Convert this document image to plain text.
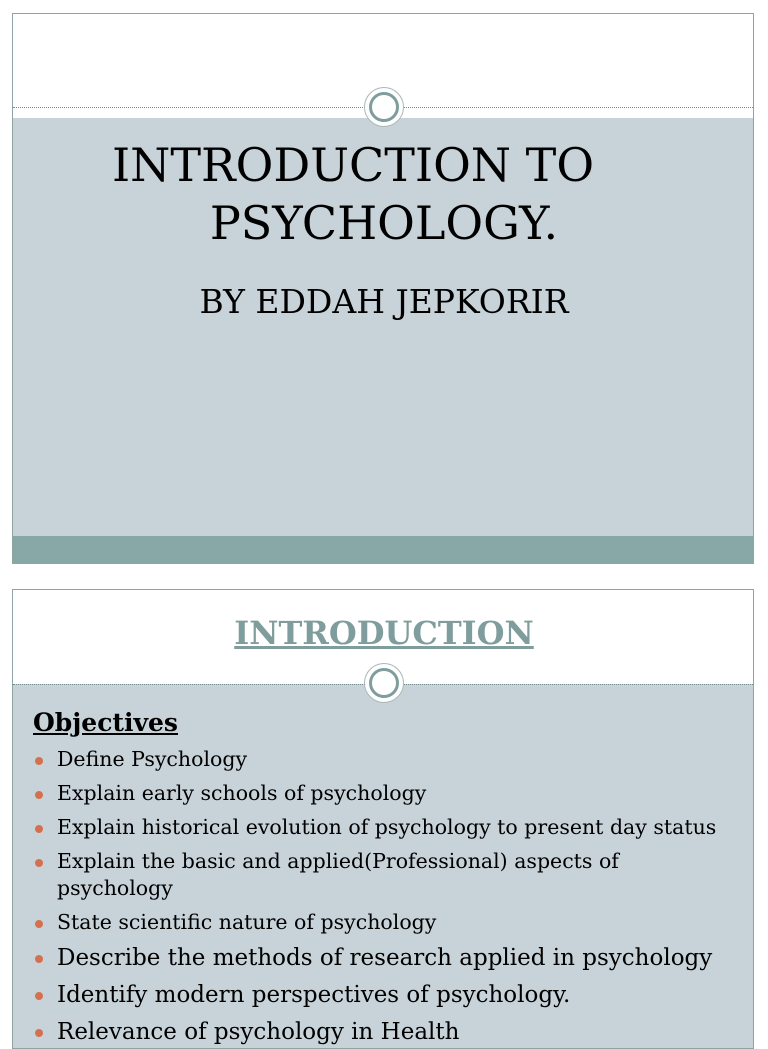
INTRODUCTION TO
PSYCHOLOGY.

BY EDDAH JEPKORIR

INTRODUCTION
Objectives
Define Psychology
Explain early schools of psychology
Explain historical evolution of psychology to present day status
Explain the basic and applied(Professional) aspects of psychology
State scientific nature of psychology
Describe the methods of research applied in psychology
Identify modern perspectives of psychology.
Relevance of psychology in Health
